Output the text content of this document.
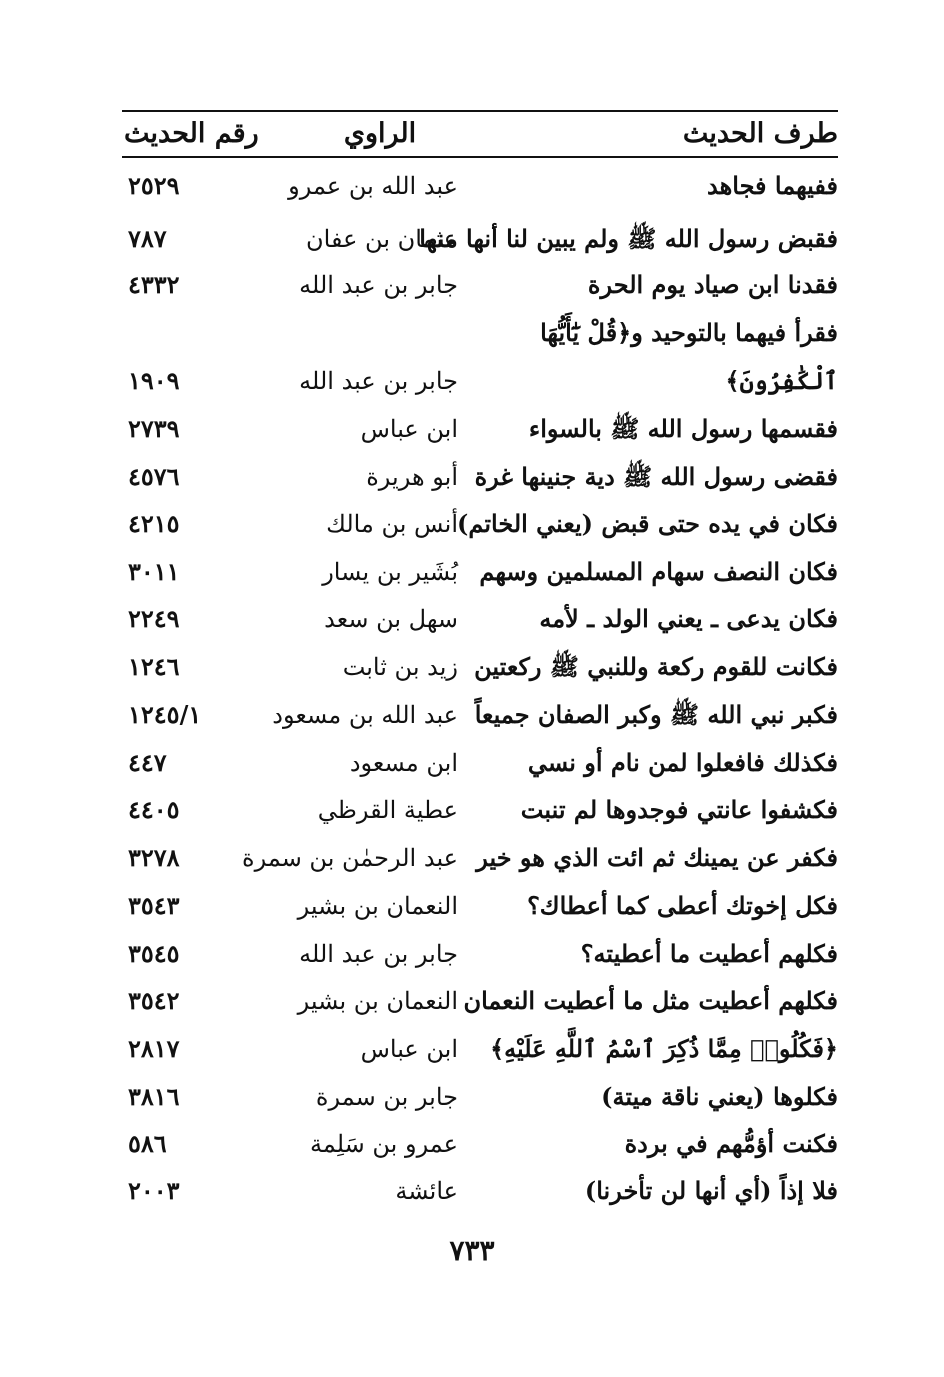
طرف الحديث
الراوي
رقم الحديث
ففيهما فجاهد
عبد الله بن عمرو
٢٥٢٩
فقبض رسول الله ﷺ ولم يبين لنا أنها منها
عثمان بن عفان
٧٨٧
فقدنا ابن صياد يوم الحرة
جابر بن عبد الله
٤٣٣٢
فقرأ فيهما بالتوحيد و﴿قُلْ يَٰٓأَيُّهَا
ٱلْكَٰفِرُونَ﴾
جابر بن عبد الله
١٩٠٩
فقسمها رسول الله ﷺ بالسواء
ابن عباس
٢٧٣٩
فقضى رسول الله ﷺ دية جنينها غرة
أبو هريرة
٤٥٧٦
فكان في يده حتى قبض (يعني الخاتم)
أنس بن مالك
٤٢١٥
فكان النصف سهام المسلمين وسهم
بُشَير بن يسار
٣٠١١
فكان يدعى ـ يعني الولد ـ لأمه
سهل بن سعد
٢٢٤٩
فكانت للقوم ركعة وللنبي ﷺ ركعتين
زيد بن ثابت
١٢٤٦
فكبر نبي الله ﷺ وكبر الصفان جميعاً
عبد الله بن مسعود
١٢٤٥/١
فكذلك فافعلوا لمن نام أو نسي
ابن مسعود
٤٤٧
فكشفوا عانتي فوجدوها لم تنبت
عطية القرظي
٤٤٠٥
فكفر عن يمينك ثم ائت الذي هو خير
عبد الرحمٰن بن سمرة
٣٢٧٨
فكل إخوتك أعطى كما أعطاك؟
النعمان بن بشير
٣٥٤٣
فكلهم أعطيت ما أعطيته؟
جابر بن عبد الله
٣٥٤٥
فكلهم أعطيت مثل ما أعطيت النعمان
النعمان بن بشير
٣٥٤٢
﴿فَكُلُوا۟ مِمَّا ذُكِرَ ٱسْمُ ٱللَّهِ عَلَيْهِ﴾
ابن عباس
٢٨١٧
فكلوها (يعني ناقة ميتة)
جابر بن سمرة
٣٨١٦
فكنت أؤمُّهم في بردة
عمرو بن سَلِمة
٥٨٦
فلا إذاً (أي أنها لن تأخرنا)
عائشة
٢٠٠٣
٧٣٣
